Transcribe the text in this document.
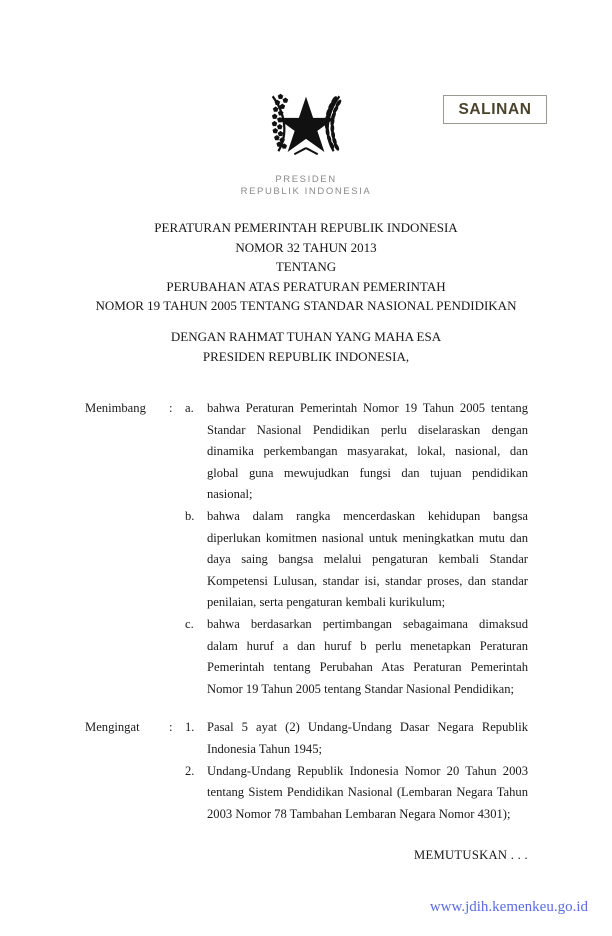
SALINAN
PRESIDEN
REPUBLIK INDONESIA
PERATURAN PEMERINTAH REPUBLIK INDONESIA
NOMOR 32 TAHUN 2013
TENTANG
PERUBAHAN ATAS PERATURAN PEMERINTAH
NOMOR 19 TAHUN 2005 TENTANG STANDAR NASIONAL PENDIDIKAN
DENGAN RAHMAT TUHAN YANG MAHA ESA
PRESIDEN REPUBLIK INDONESIA,
Menimbang	: a.	bahwa Peraturan Pemerintah Nomor 19 Tahun 2005 tentang Standar Nasional Pendidikan perlu diselaraskan dengan dinamika perkembangan masyarakat, lokal, nasional, dan global guna mewujudkan fungsi dan tujuan pendidikan nasional;
b. bahwa dalam rangka mencerdaskan kehidupan bangsa diperlukan komitmen nasional untuk meningkatkan mutu dan daya saing bangsa melalui pengaturan kembali Standar Kompetensi Lulusan, standar isi, standar proses, dan standar penilaian, serta pengaturan kembali kurikulum;
c.	bahwa berdasarkan pertimbangan sebagaimana dimaksud dalam huruf a dan huruf b perlu menetapkan Peraturan Pemerintah tentang Perubahan Atas Peraturan Pemerintah Nomor 19 Tahun 2005 tentang Standar Nasional Pendidikan;
Mengingat	: 1. Pasal 5 ayat (2) Undang-Undang Dasar Negara Republik Indonesia Tahun 1945;
2. Undang-Undang Republik Indonesia Nomor 20 Tahun 2003 tentang Sistem Pendidikan Nasional (Lembaran Negara Tahun 2003 Nomor 78 Tambahan Lembaran Negara Nomor 4301);
MEMUTUSKAN . . .
www.jdih.kemenkeu.go.id
